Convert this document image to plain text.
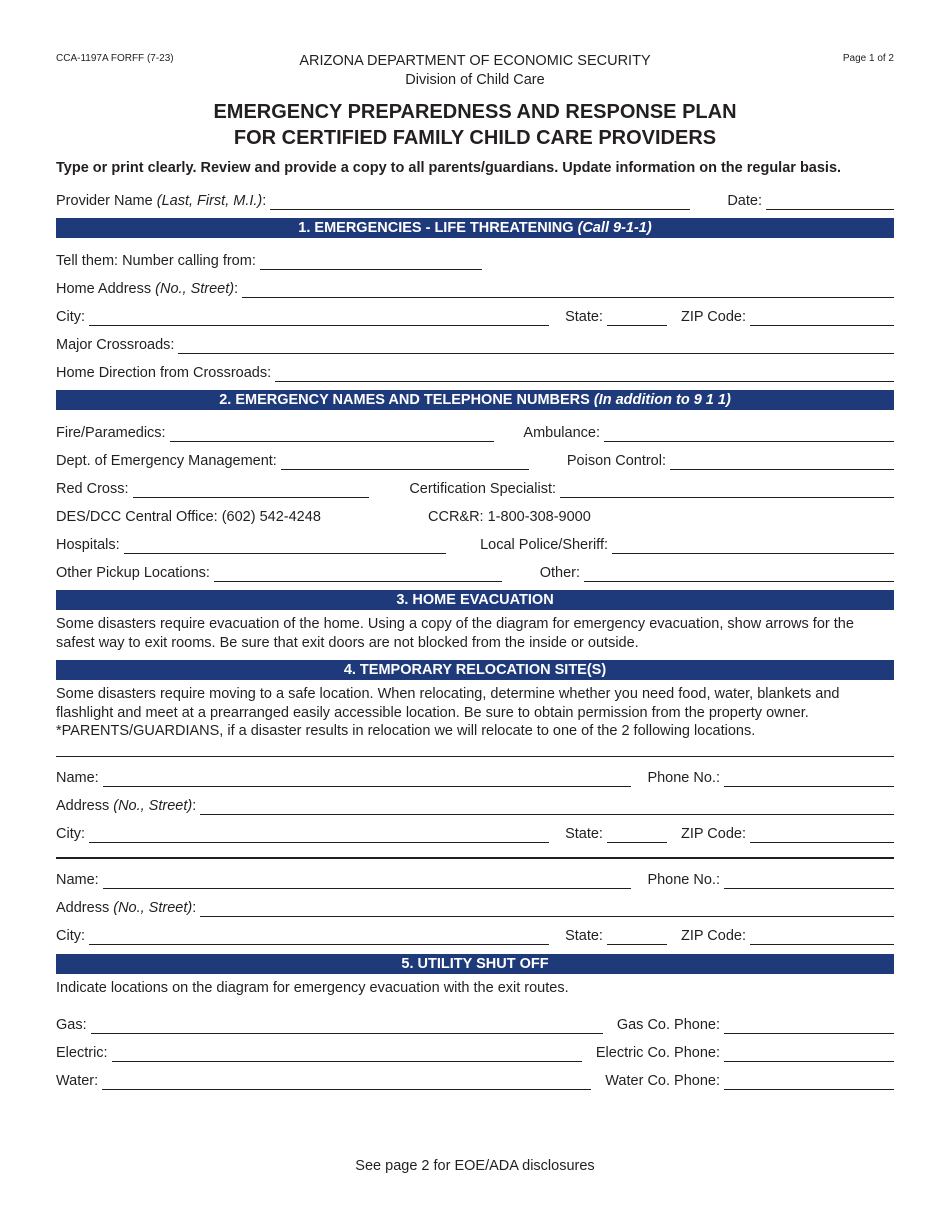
CCA-1197A FORFF (7-23)	Page 1 of 2
ARIZONA DEPARTMENT OF ECONOMIC SECURITY
Division of Child Care
EMERGENCY PREPAREDNESS AND RESPONSE PLAN
FOR CERTIFIED FAMILY CHILD CARE PROVIDERS
Type or print clearly. Review and provide a copy to all parents/guardians. Update information on the regular basis.
Provider Name (Last, First, M.I.):	Date:
1. EMERGENCIES - LIFE THREATENING (Call 9-1-1)
Tell them: Number calling from:
Home Address (No., Street):
City:	State:	ZIP Code:
Major Crossroads:
Home Direction from Crossroads:
2. EMERGENCY NAMES AND TELEPHONE NUMBERS (In addition to 9 1 1)
Fire/Paramedics:	Ambulance:
Dept. of Emergency Management:	Poison Control:
Red Cross:	Certification Specialist:
DES/DCC Central Office: (602) 542-4248	CCR&R: 1-800-308-9000
Hospitals:	Local Police/Sheriff:
Other Pickup Locations:	Other:
3. HOME EVACUATION
Some disasters require evacuation of the home. Using a copy of the diagram for emergency evacuation, show arrows for the safest way to exit rooms. Be sure that exit doors are not blocked from the inside or outside.
4. TEMPORARY RELOCATION SITE(S)
Some disasters require moving to a safe location. When relocating, determine whether you need food, water, blankets and flashlight and meet at a prearranged easily accessible location. Be sure to obtain permission from the property owner. *PARENTS/GUARDIANS, if a disaster results in relocation we will relocate to one of the 2 following locations.
Name:	Phone No.:
Address (No., Street):
City:	State:	ZIP Code:
Name:	Phone No.:
Address (No., Street):
City:	State:	ZIP Code:
5. UTILITY SHUT OFF
Indicate locations on the diagram for emergency evacuation with the exit routes.
Gas:	Gas Co. Phone:
Electric:	Electric Co. Phone:
Water:	Water Co. Phone:
See page 2 for EOE/ADA disclosures
